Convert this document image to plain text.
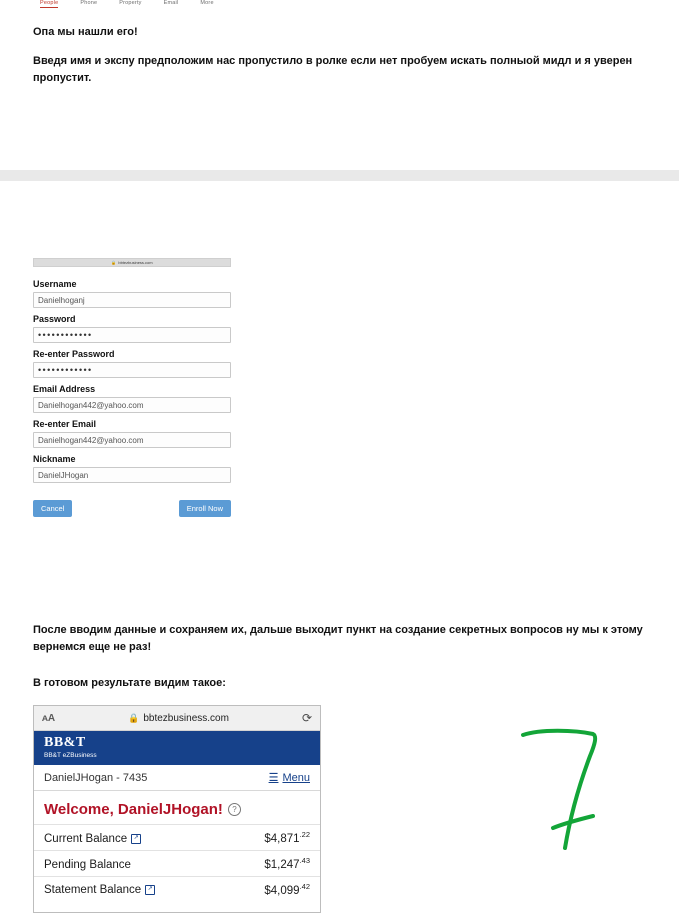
People	Phone	Property	Email	More
Опа мы нашли его!
Введя имя и экспу предположим нас пропустило в ролке если нет пробуем искать полныой мидл и я уверен пропустит.
🔒 bbtezbusiness.com
Username
Danielhoganj
Password
••••••••••••
Re-enter Password
••••••••••••
Email Address
Danielhogan442@yahoo.com
Re-enter Email
Danielhogan442@yahoo.com
Nickname
DanielJHogan
Cancel	Enroll Now
После вводим данные и сохраняем их, дальше выходит пункт на создание секретных вопросов ну мы к этому вернемся еще не раз!
В готовом результате видим такое:
ᴀA	🔒 bbtezbusiness.com	⟳
BB&T
BB&T eZBusiness
DanielJHogan - 7435	☰ Menu
Welcome, DanielJHogan!	?
Current Balance	↗	$\$4,871^{.22}$
Pending Balance	$\$1,247^{.43}$
Statement Balance	↗	$\$4,099^{.42}$
